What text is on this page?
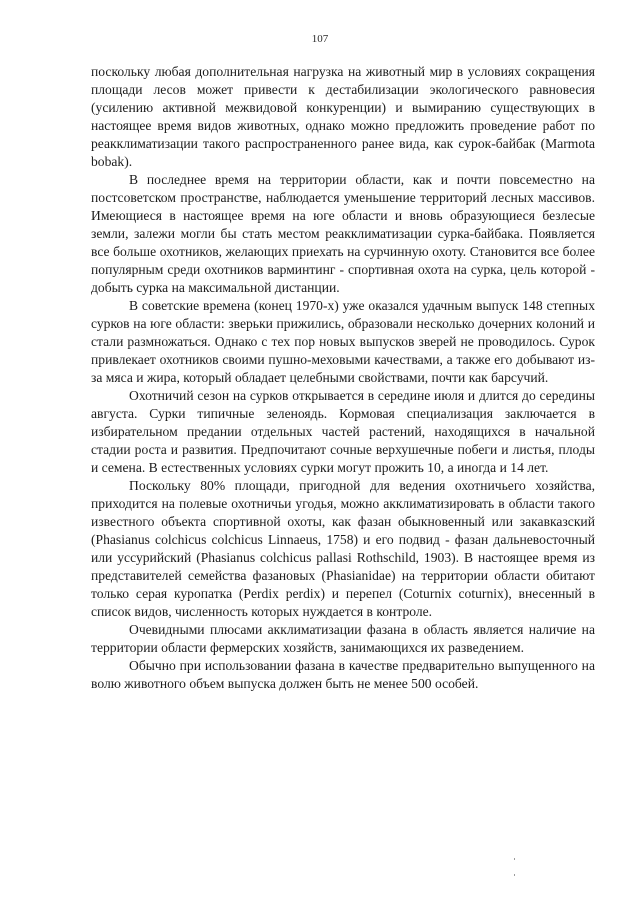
107

поскольку любая дополнительная нагрузка на животный мир в условиях сокращения площади лесов может привести к дестабилизации экологического равновесия (усилению активной межвидовой конкуренции) и вымиранию существующих в настоящее время видов животных, однако можно предложить проведение работ по реакклиматизации такого распространенного ранее вида, как сурок-байбак (Marmota bobak).

В последнее время на территории области, как и почти повсеместно на постсоветском пространстве, наблюдается уменьшение территорий лесных массивов. Имеющиеся в настоящее время на юге области и вновь образующиеся безлесые земли, залежи могли бы стать местом реакклиматизации сурка-байбака. Появляется все больше охотников, желающих приехать на сурчинную охоту. Становится все более популярным среди охотников варминтинг - спортивная охота на сурка, цель которой - добыть сурка на максимальной дистанции.

В советские времена (конец 1970-х) уже оказался удачным выпуск 148 степных сурков на юге области: зверьки прижились, образовали несколько дочерних колоний и стали размножаться. Однако с тех пор новых выпусков зверей не проводилось. Сурок привлекает охотников своими пушно-меховыми качествами, а также его добывают из-за мяса и жира, который обладает целебными свойствами, почти как барсучий.

Охотничий сезон на сурков открывается в середине июля и длится до середины августа. Сурки типичные зеленоядь. Кормовая специализация заключается в избирательном предании отдельных частей растений, находящихся в начальной стадии роста и развития. Предпочитают сочные верхушечные побеги и листья, плоды и семена. В естественных условиях сурки могут прожить 10, а иногда и 14 лет.

Поскольку 80% площади, пригодной для ведения охотничьего хозяйства, приходится на полевые охотничьи угодья, можно акклиматизировать в области такого известного объекта спортивной охоты, как фазан обыкновенный или закавказский (Phasianus colchicus colchicus Linnaeus, 1758) и его подвид - фазан дальневосточный или уссурийский (Phasianus colchicus pallasi Rothschild, 1903). В настоящее время из представителей семейства фазановых (Phasianidae) на территории области обитают только серая куропатка (Perdix perdix) и перепел (Coturnix coturnix), внесенный в список видов, численность которых нуждается в контроле.

Очевидными плюсами акклиматизации фазана в область является наличие на территории области фермерских хозяйств, занимающихся их разведением.

Обычно при использовании фазана в качестве предварительно выпущенного на волю животного объем выпуска должен быть не менее 500 особей.
